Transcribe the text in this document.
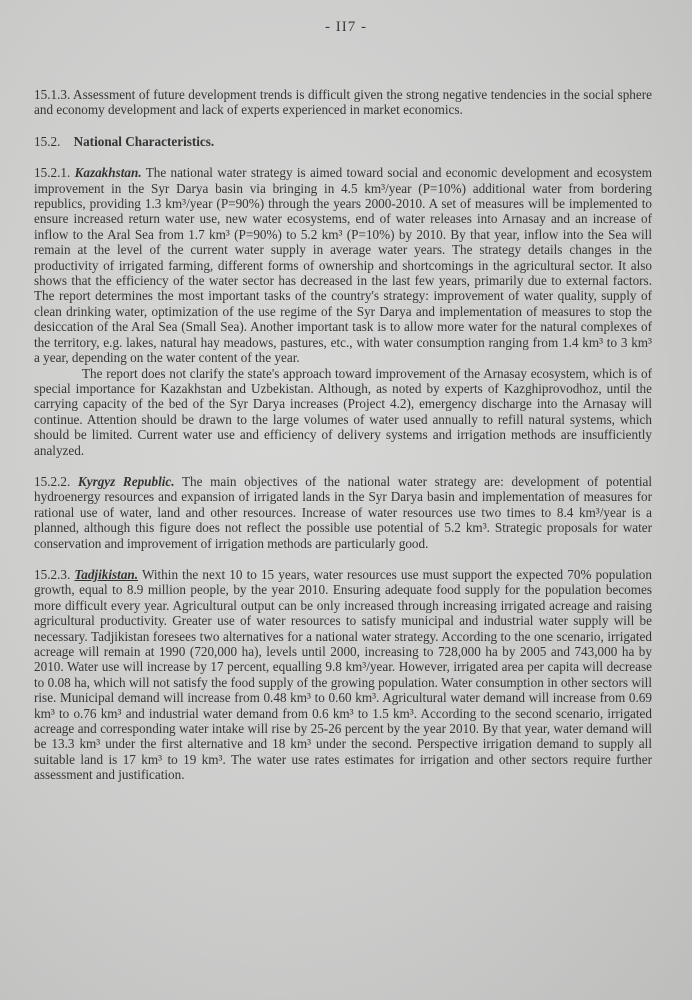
- II7 -

15.1.3. Assessment of future development trends is difficult given the strong negative tendencies in the social sphere and economy development and lack of experts experienced in market economics.

15.2. National Characteristics.

15.2.1. Kazakhstan. The national water strategy is aimed toward social and economic development and ecosystem improvement in the Syr Darya basin via bringing in 4.5 km³/year (P=10%) additional water from bordering republics, providing 1.3 km³/year (P=90%) through the years 2000-2010. A set of measures will be implemented to ensure increased return water use, new water ecosystems, end of water releases into Arnasay and an increase of inflow to the Aral Sea from 1.7 km³ (P=90%) to 5.2 km³ (P=10%) by 2010. By that year, inflow into the Sea will remain at the level of the current water supply in average water years. The strategy details changes in the productivity of irrigated farming, different forms of ownership and shortcomings in the agricultural sector. It also shows that the efficiency of the water sector has decreased in the last few years, primarily due to external factors. The report determines the most important tasks of the country's strategy: improvement of water quality, supply of clean drinking water, optimization of the use regime of the Syr Darya and implementation of measures to stop the desiccation of the Aral Sea (Small Sea). Another important task is to allow more water for the natural complexes of the territory, e.g. lakes, natural hay meadows, pastures, etc., with water consumption ranging from 1.4 km³ to 3 km³ a year, depending on the water content of the year.

The report does not clarify the state's approach toward improvement of the Arnasay ecosystem, which is of special importance for Kazakhstan and Uzbekistan. Although, as noted by experts of Kazghiprovodhoz, until the carrying capacity of the bed of the Syr Darya increases (Project 4.2), emergency discharge into the Arnasay will continue. Attention should be drawn to the large volumes of water used annually to refill natural systems, which should be limited. Current water use and efficiency of delivery systems and irrigation methods are insufficiently analyzed.

15.2.2. Kyrgyz Republic. The main objectives of the national water strategy are: development of potential hydroenergy resources and expansion of irrigated lands in the Syr Darya basin and implementation of measures for rational use of water, land and other resources. Increase of water resources use two times to 8.4 km³/year is a planned, although this figure does not reflect the possible use potential of 5.2 km³. Strategic proposals for water conservation and improvement of irrigation methods are particularly good.

15.2.3. Tadjikistan. Within the next 10 to 15 years, water resources use must support the expected 70% population growth, equal to 8.9 million people, by the year 2010. Ensuring adequate food supply for the population becomes more difficult every year. Agricultural output can be only increased through increasing irrigated acreage and raising agricultural productivity. Greater use of water resources to satisfy municipal and industrial water supply will be necessary. Tadjikistan foresees two alternatives for a national water strategy. According to the one scenario, irrigated acreage will remain at 1990 (720,000 ha), levels until 2000, increasing to 728,000 ha by 2005 and 743,000 ha by 2010. Water use will increase by 17 percent, equalling 9.8 km³/year. However, irrigated area per capita will decrease to 0.08 ha, which will not satisfy the food supply of the growing population. Water consumption in other sectors will rise. Municipal demand will increase from 0.48 km³ to 0.60 km³. Agricultural water demand will increase from 0.69 km³ to o.76 km³ and industrial water demand from 0.6 km³ to 1.5 km³. According to the second scenario, irrigated acreage and corresponding water intake will rise by 25-26 percent by the year 2010. By that year, water demand will be 13.3 km³ under the first alternative and 18 km³ under the second. Perspective irrigation demand to supply all suitable land is 17 km³ to 19 km³. The water use rates estimates for irrigation and other sectors require further assessment and justification.
